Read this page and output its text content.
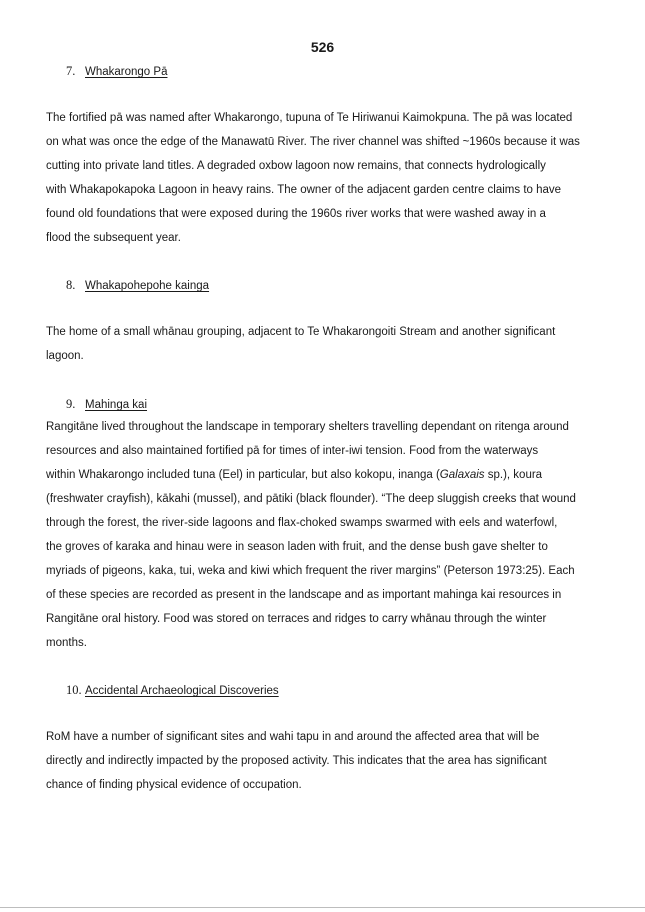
526
7. Whakarongo Pā
The fortified pā was named after Whakarongo, tupuna of Te Hiriwanui Kaimokpuna. The pā was located
on what was once the edge of the Manawatū River. The river channel was shifted ~1960s because it was
cutting into private land titles. A degraded oxbow lagoon now remains, that connects hydrologically
with Whakapokapoka Lagoon in heavy rains. The owner of the adjacent garden centre claims to have
found old foundations that were exposed during the 1960s river works that were washed away in a
flood the subsequent year.
8. Whakapohepohe kainga
The home of a small whānau grouping, adjacent to Te Whakarongoiti Stream and another significant
lagoon.
9. Mahinga kai
Rangitāne lived throughout the landscape in temporary shelters travelling dependant on ritenga around
resources and also maintained fortified pā for times of inter-iwi tension. Food from the waterways
within Whakarongo included tuna (Eel) in particular, but also kokopu, inanga (Galaxais sp.), koura
(freshwater crayfish), kākahi (mussel), and pātiki (black flounder). “The deep sluggish creeks that wound
through the forest, the river-side lagoons and flax-choked swamps swarmed with eels and waterfowl,
the groves of karaka and hinau were in season laden with fruit, and the dense bush gave shelter to
myriads of pigeons, kaka, tui, weka and kiwi which frequent the river margins” (Peterson 1973:25). Each
of these species are recorded as present in the landscape and as important mahinga kai resources in
Rangitāne oral history. Food was stored on terraces and ridges to carry whānau through the winter
months.
10. Accidental Archaeological Discoveries
RoM have a number of significant sites and wahi tapu in and around the affected area that will be
directly and indirectly impacted by the proposed activity. This indicates that the area has significant
chance of finding physical evidence of occupation.
